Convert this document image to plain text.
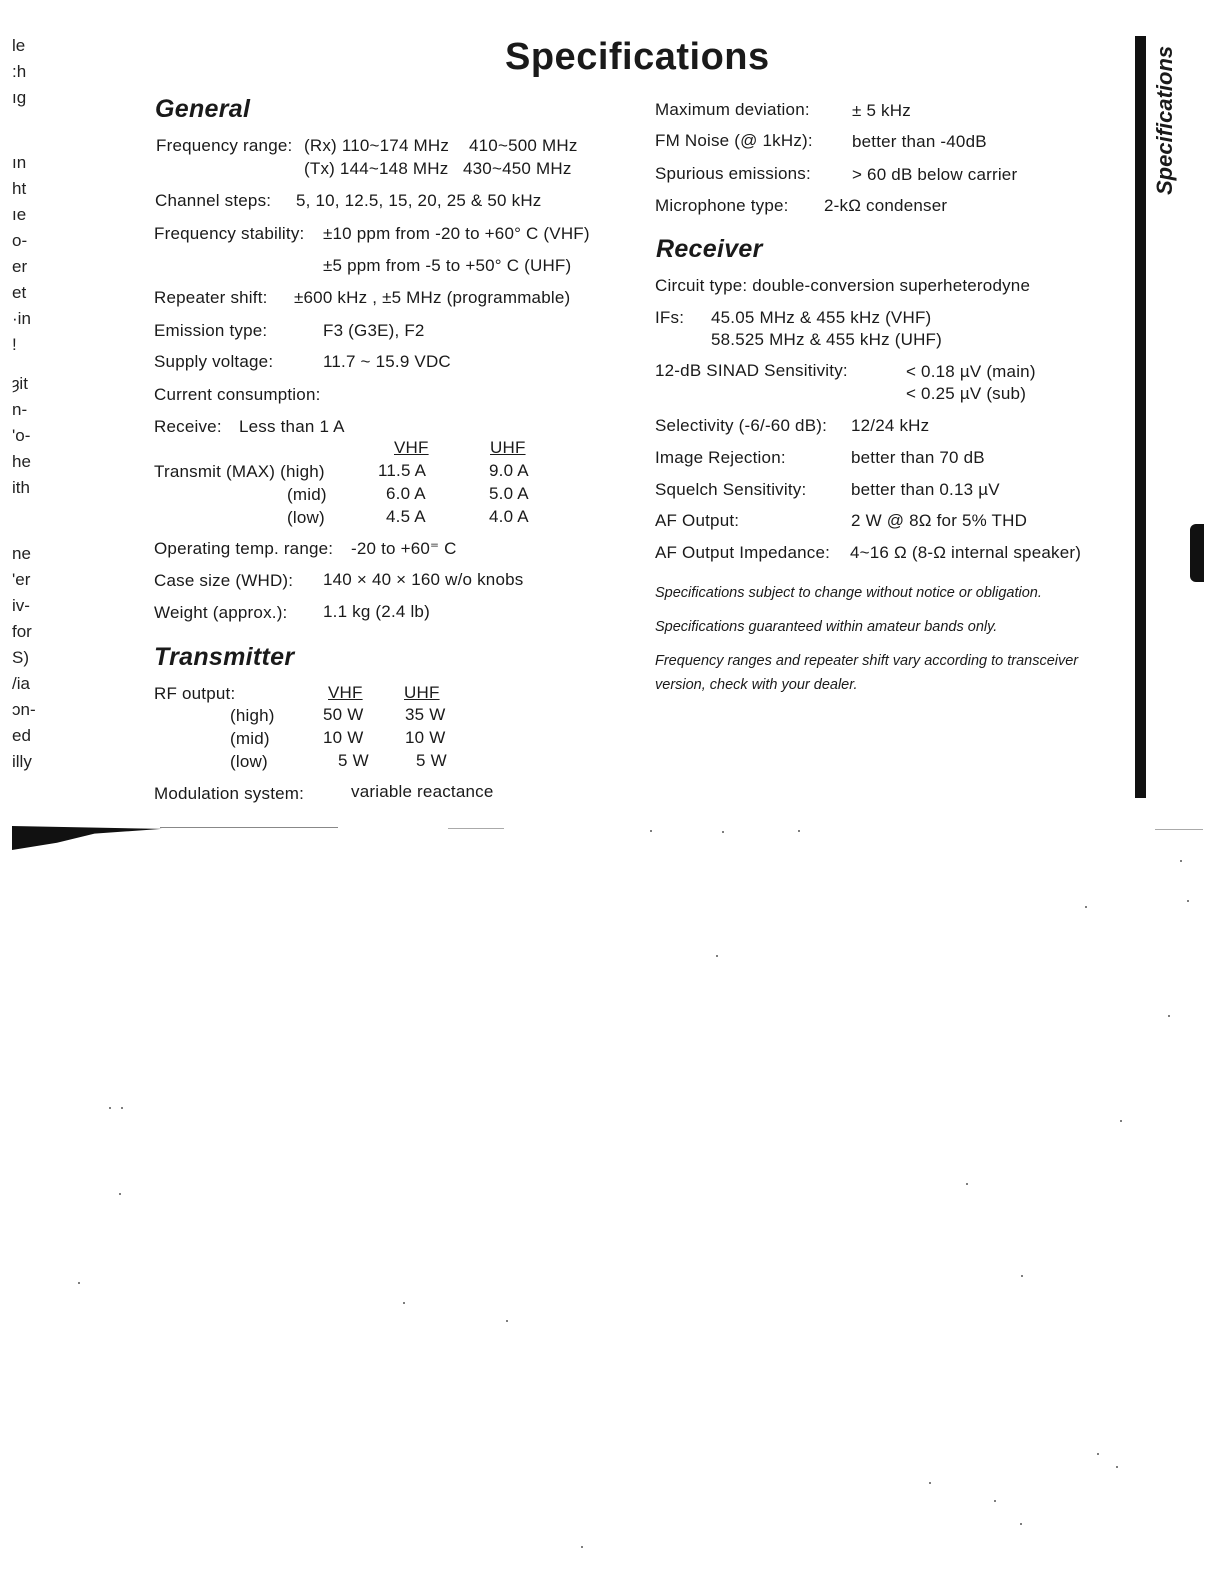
le
:h
ıg
ın
ht
ıe
o-
er
et
·in
!
ȝit
n-
'o-
he
ith
ne
'er
iv-
for
S)
/ia
ɔn-
ed
illy
Specifications	Specifications
General
Frequency range: (Rx) 110~174 MHz 410~500 MHz
(Tx) 144~148 MHz 430~450 MHz
Channel steps: 5, 10, 12.5, 15, 20, 25 & 50 kHz
Frequency stability: ±10 ppm from -20 to +60° C (VHF)
±5 ppm from -5 to +50° C (UHF)
Repeater shift: ±600 kHz , ±5 MHz (programmable)
Emission type:	F3 (G3E), F2
Supply voltage:	11.7 ~ 15.9 VDC
Current consumption:
Receive: Less than 1 A
VHF	UHF
Transmit (MAX) (high)	11.5 A	9.0 A
(mid)	6.0 A	5.0 A
(low)	4.5 A	4.0 A
Operating temp. range: -20 to +60⁼ C
Case size (WHD): 140 × 40 × 160 w/o knobs
Weight (approx.): 1.1 kg (2.4 lb)
Transmitter
RF output:	VHF UHF
(high)	50 W 35 W
(mid)	10 W 10 W
(low)	5 W	5 W
Modulation system:	variable reactance
Maximum deviation: ± 5 kHz
FM Noise (@ 1kHz): better than -40dB
Spurious emissions: > 60 dB below carrier
Microphone type: 2-kΩ condenser
Receiver
Circuit type: double-conversion superheterodyne
IFs: 45.05 MHz & 455 kHz (VHF)
58.525 MHz & 455 kHz (UHF)
12-dB SINAD Sensitivity:	< 0.18 µV (main)
< 0.25 µV (sub)
Selectivity (-6/-60 dB): 12/24 kHz
Image Rejection:	better than 70 dB
Squelch Sensitivity:	better than 0.13 µV
AF Output:	2 W @ 8Ω for 5% THD
AF Output Impedance: 4~16 Ω (8-Ω internal speaker)
Specifications subject to change without notice or obligation.
Specifications guaranteed within amateur bands only.
Frequency ranges and repeater shift vary according to transceiver
version, check with your dealer.
